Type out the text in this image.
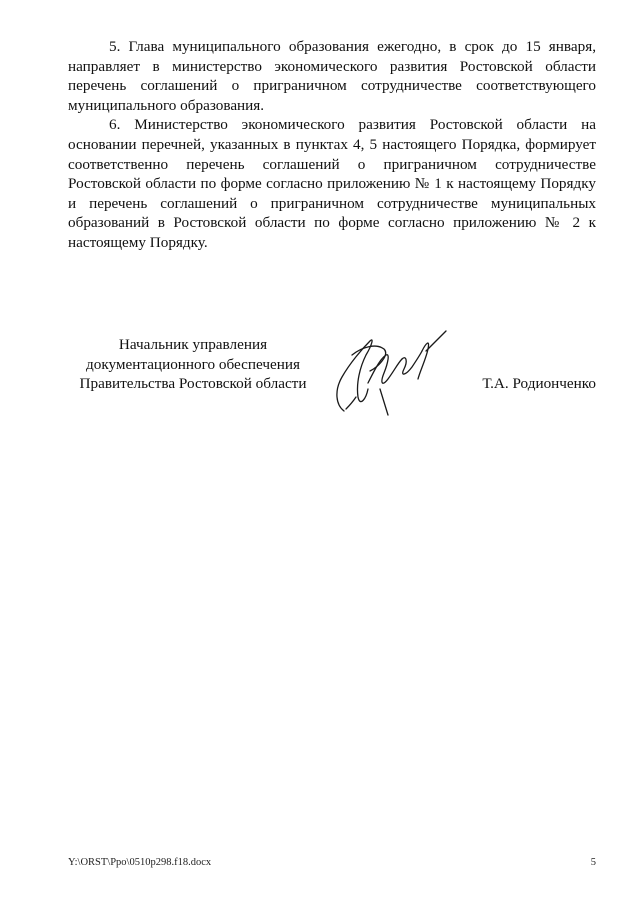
5. Глава муниципального образования ежегодно, в срок до 15 января, направляет в министерство экономического развития Ростовской области перечень соглашений о приграничном сотрудничестве соответствующего муниципального образования.

6. Министерство экономического развития Ростовской области на основании перечней, указанных в пунктах 4, 5 настоящего Порядка, формирует соответственно перечень соглашений о приграничном сотрудничестве Ростовской области по форме согласно приложению № 1 к настоящему Порядку и перечень соглашений о приграничном сотрудничестве муниципальных образований в Ростовской области по форме согласно приложению № 2 к настоящему Порядку.

Начальник управления
документационного обеспечения
Правительства Ростовской области	Т.А. Родионченко
Y:\ORST\Ppo\0510p298.f18.docx	5
